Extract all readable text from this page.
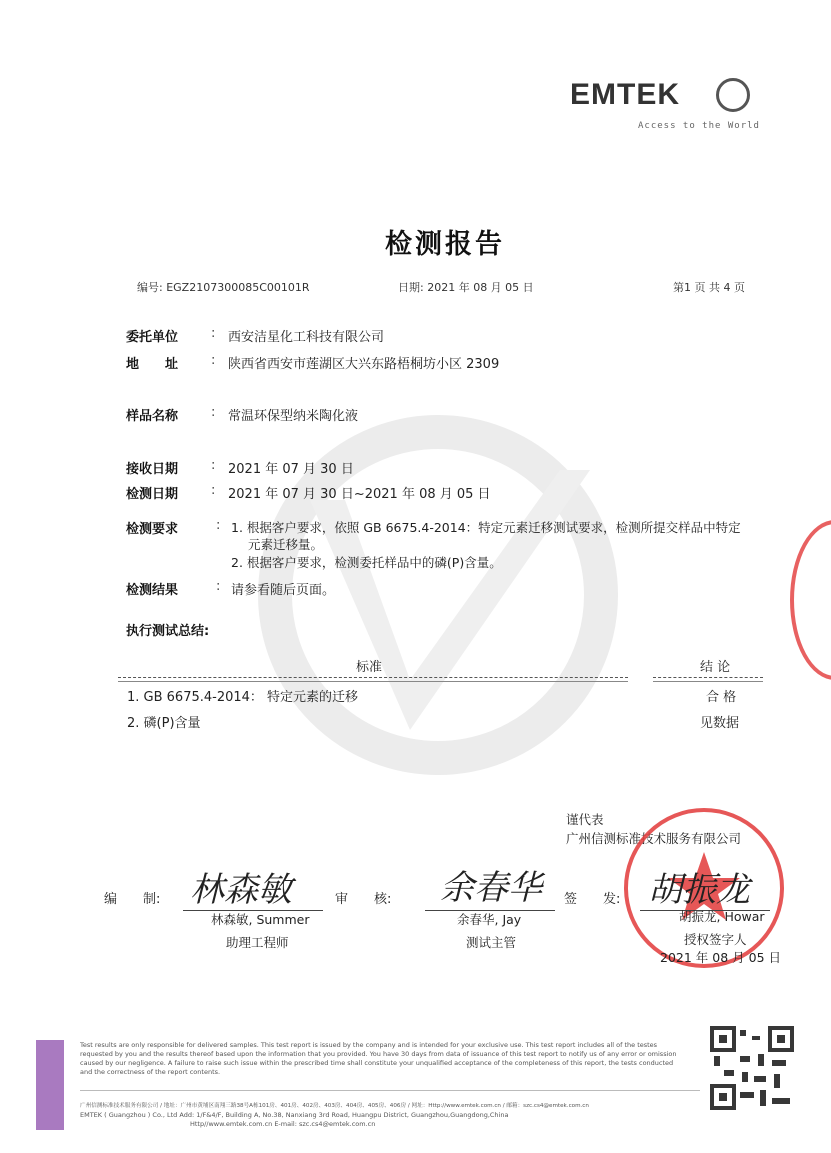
EMTEK
Access to the World
检测报告
编号: EGZ2107300085C00101R	日期: 2021 年 08 月 05 日	第1 页 共 4 页
委托单位	: 西安洁星化工科技有限公司
地　　址	: 陕西省西安市莲湖区大兴东路梧桐坊小区 2309
样品名称	: 常温环保型纳米陶化液
接收日期	: 2021 年 07 月 30 日
检测日期	: 2021 年 07 月 30 日~2021 年 08 月 05 日
检测要求	: 1. 根据客户要求，依照 GB 6675.4-2014：特定元素迁移测试要求，检测所提交样品中特定
元素迁移量。
2. 根据客户要求，检测委托样品中的磷(P)含量。
检测结果	: 请参看随后页面。
执行测试总结:
标准	结 论
1. GB 6675.4-2014： 特定元素的迁移	合 格
2. 磷(P)含量	见数据
谨代表
广州信测标准技术服务有限公司
编　　制: 林森敏
林森敏, Summer
助理工程师
审　　核: 余春华
余春华, Jay
测试主管
签　　发: 胡振龙
胡振龙, Howar
授权签字人
2021 年 08 月 05 日
Test results are only responsible for delivered samples. This test report is issued by the company and is intended for your exclusive use. This test report includes all of the testes
requested by you and the results thereof based upon the information that you provided. You have 30 days from data of issuance of this test report to notify us of any error or omission
caused by our negligence. A failure to raise such issue within the prescribed time shall constitute your unqualified acceptance of the completeness of this report, the tests conducted
and the correctness of the report contents.
广州信测标准技术服务有限公司 / 地址：广州市黄埔区南翔三路38号A栋101房、401房、402房、403房、404房、405房、406房 / 网址：Http://www.emtek.com.cn / 邮箱：szc.cs4@emtek.com.cn
EMTEK ( Guangzhou ) Co., Ltd Add: 1/F&4/F, Building A, No.38, Nanxiang 3rd Road, Huangpu District, Guangzhou,Guangdong,China
Http//www.emtek.com.cn E-mail: szc.cs4@emtek.com.cn
